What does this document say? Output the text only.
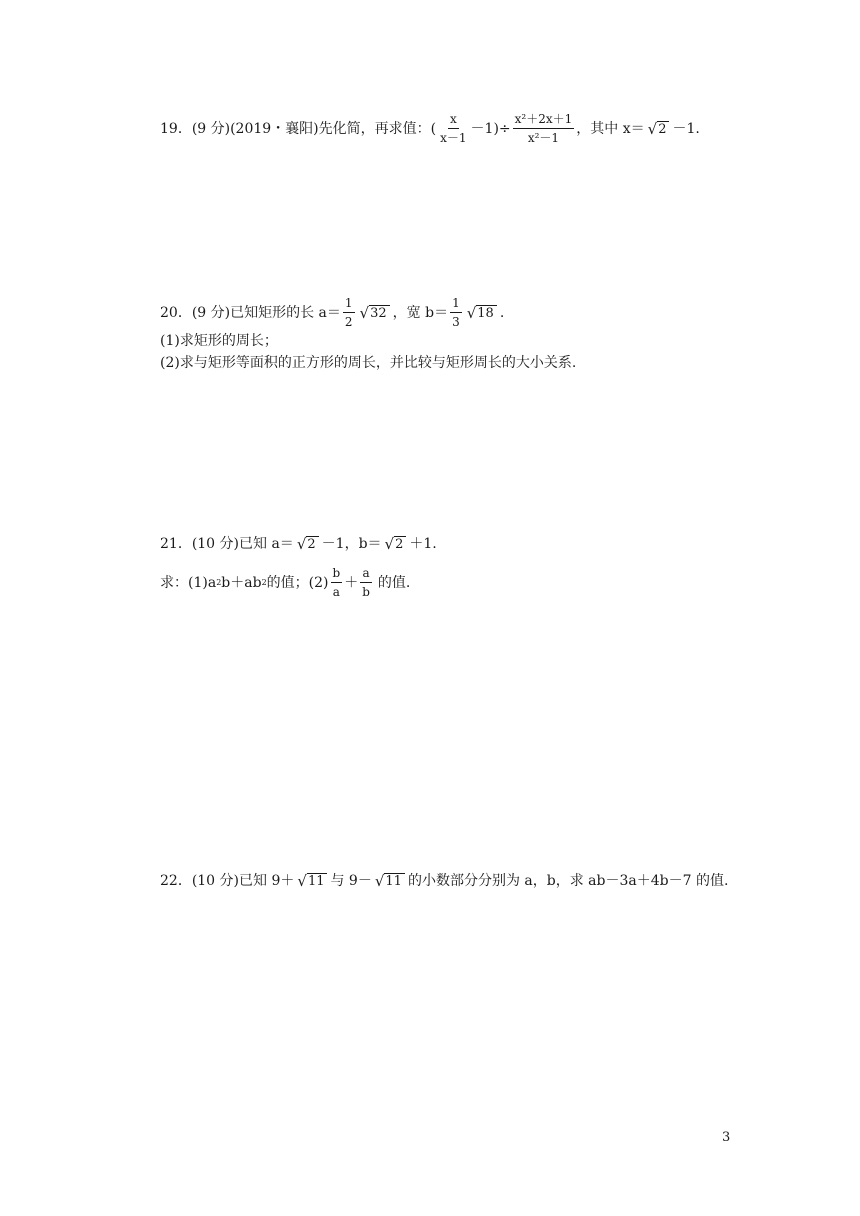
19．(9 分)(2019・襄阳)先化简，再求值：( $\frac{x}{x-1} -1)\div \frac{\text{x²＋2x＋1}}{\text{x²－1}}$ ，其中 x＝ √ 2 －1.
20．(9 分)已知矩形的长 $a= \frac{1}{2}$ √ 32 ，宽 $b= \frac{1}{3}$ √ 18 .
(1)求矩形的周长；
(2)求与矩形等面积的正方形的周长，并比较与矩形周长的大小关系.
21．(10 分)已知 a＝ √ 2 －1，b＝ √ 2 ＋1.
求：(1)a 2 b＋ab 2 的值；$(2) \frac{b}{a} + \frac{a}{b}$ 的值.
22．(10 分)已知 9＋ √ 11 与 9－ √ 11 的小数部分分别为 a，b，求 ab－3a＋4b－7 的值.
3
